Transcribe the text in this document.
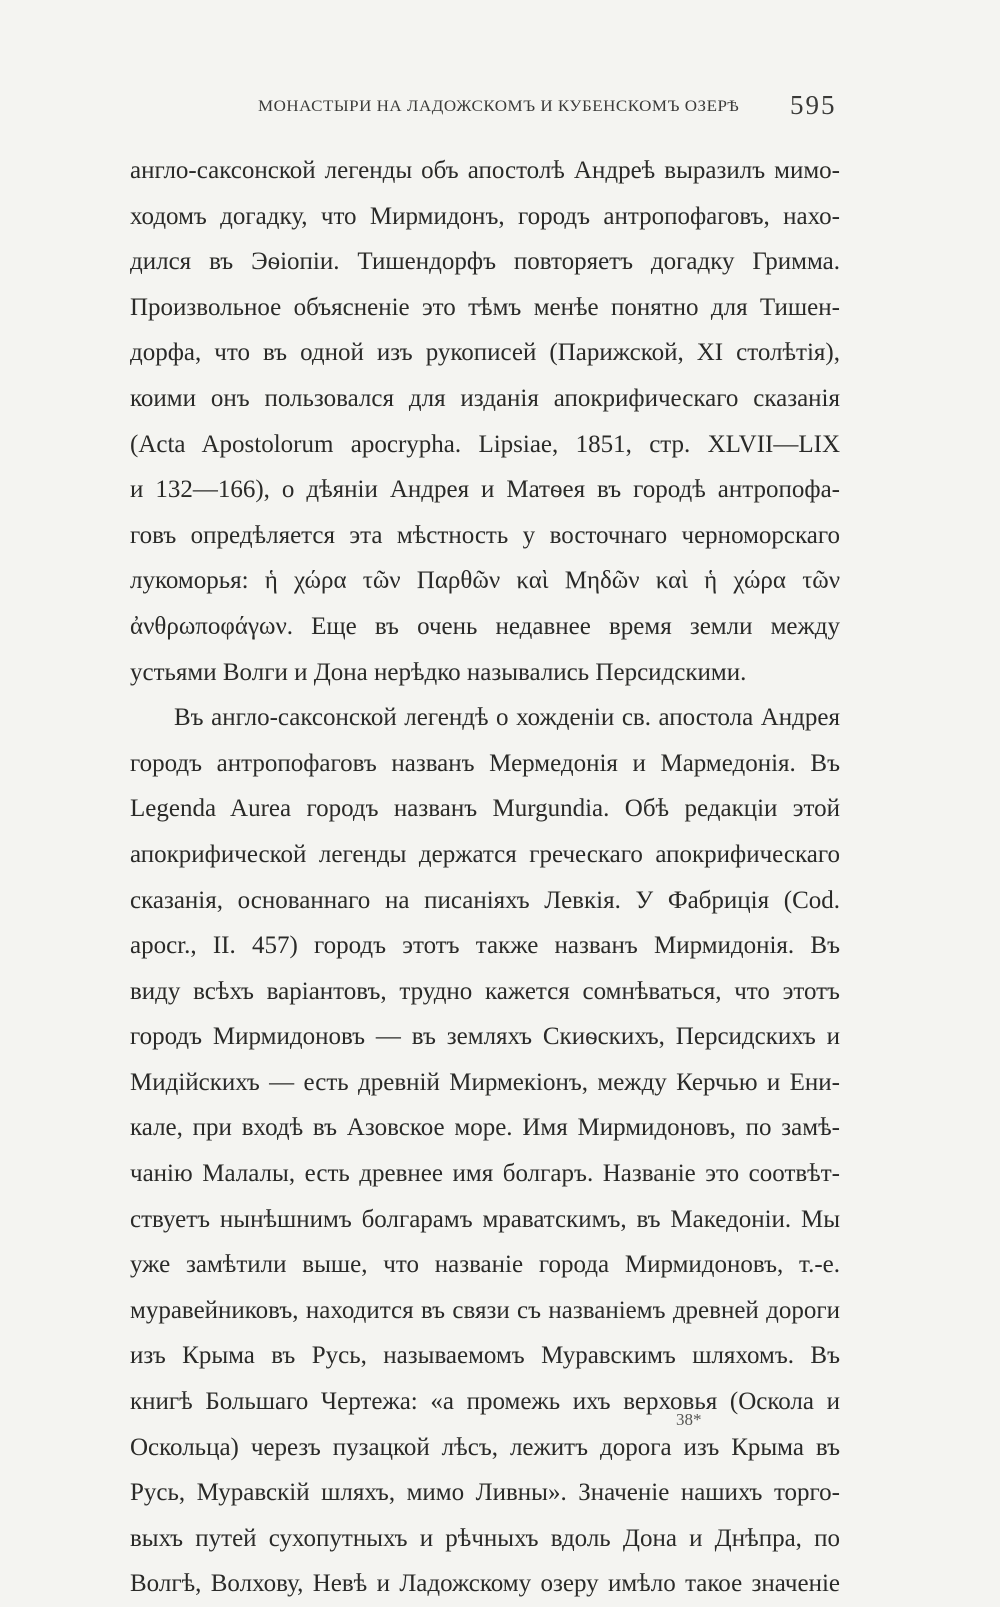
МОНАСТЫРИ НА ЛАДОЖСКОМЪ И КУБЕНСКОМЪ ОЗЕРѢ 595
англо-саксонской легенды объ апостолѣ Андреѣ выразилъ мимо-
ходомъ догадку, что Мирмидонъ, городъ антропофаговъ, нахо-
дился въ Эѳіопіи. Тишендорфъ повторяетъ догадку Гримма.
Произвольное объясненіе это тѣмъ менѣе понятно для Тишен-
дорфа, что въ одной изъ рукописей (Парижской, XI столѣтія),
коими онъ пользовался для изданія апокрифическаго сказанія
(Acta Apostolorum apocrypha. Lipsiae, 1851, стр. XLVII—LIX
и 132—166), о дѣяніи Андрея и Матѳея въ городѣ антропофа-
говъ опредѣляется эта мѣстность у восточнаго черноморскаго
лукоморья: ἡ χώρα τῶν Παρθῶν καὶ Μηδῶν καὶ ἡ χώρα τῶν
ἀνθρωποφάγων. Еще въ очень недавнее время земли между
устьями Волги и Дона нерѣдко назывались Персидскими.
Въ англо-саксонской легендѣ о хожденіи св. апостола Андрея
городъ антропофаговъ названъ Мермедонія и Мармедонія. Въ
Legenda Aurea городъ названъ Murgundia. Обѣ редакціи этой
апокрифической легенды держатся греческаго апокрифическаго
сказанія, основаннаго на писаніяхъ Левкія. У Фабриція (Cod.
apocr., II. 457) городъ этотъ также названъ Мирмидонія. Въ
виду всѣхъ варіантовъ, трудно кажется сомнѣваться, что этотъ
городъ Мирмидоновъ — въ земляхъ Скиѳскихъ, Персидскихъ и
Мидійскихъ — есть древній Мирмекіонъ, между Керчью и Ени-
кале, при входѣ въ Азовское море. Имя Мирмидоновъ, по замѣ-
чанію Малалы, есть древнее имя болгаръ. Названіе это соотвѣт-
ствуетъ нынѣшнимъ болгарамъ мраватскимъ, въ Македоніи. Мы
уже замѣтили выше, что названіе города Мирмидоновъ, т.-е.
муравейниковъ, находится въ связи съ названіемъ древней дороги
изъ Крыма въ Русь, называемомъ Муравскимъ шляхомъ. Въ
книгѣ Большаго Чертежа: «а промежь ихъ верховья (Оскола и
Оскольца) черезъ пузацкой лѣсъ, лежитъ дорога изъ Крыма въ
Русь, Муравскій шляхъ, мимо Ливны». Значеніе нашихъ торго-
выхъ путей сухопутныхъ и рѣчныхъ вдоль Дона и Днѣпра, по
Волгѣ, Волхову, Невѣ и Ладожскому озеру имѣло такое значеніе
38*
